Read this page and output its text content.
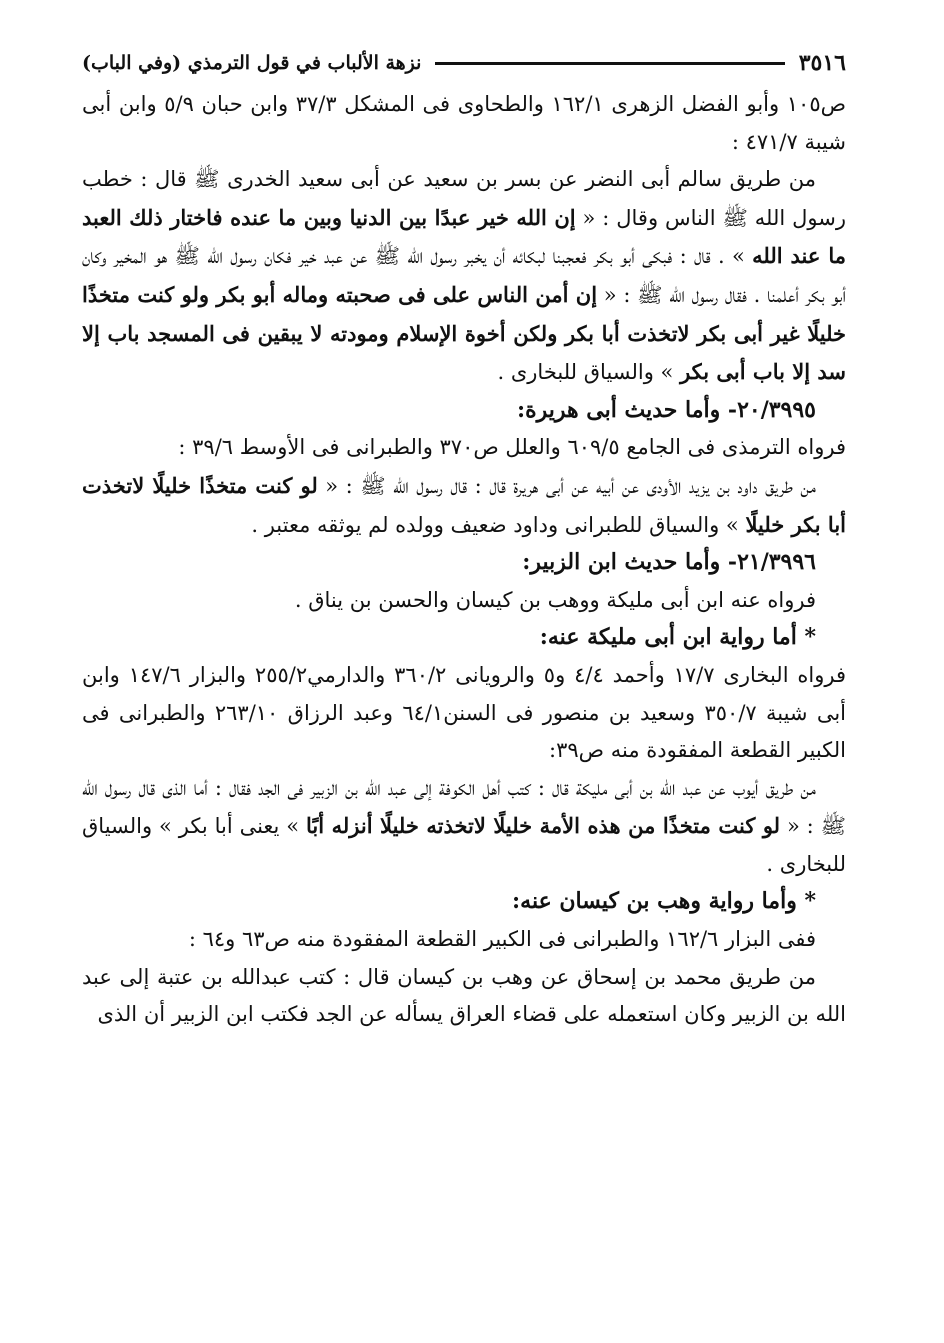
٣٥١٦
نزهة الألباب في قول الترمذي (وفي الباب)

ص١٠٥ وأبو الفضل الزهرى ١٦٢/١ والطحاوى فى المشكل ٣٧/٣ وابن حبان ٥/٩ وابن أبى شيبة ٤٧١/٧ :

من طريق سالم أبى النضر عن بسر بن سعيد عن أبى سعيد الخدرى ﷺ قال : خطب رسول الله ﷺ الناس وقال : « إن الله خير عبدًا بين الدنيا وبين ما عنده فاختار ذلك العبد ما عند الله » . قال : فبكى أبو بكر فعجبنا لبكائه أن يخبر رسول الله ﷺ عن عبد خير فكان رسول الله ﷺ هو المخير وكان أبو بكر أعلمنا . فقال رسول الله ﷺ : « إن أمن الناس على فى صحبته وماله أبو بكر ولو كنت متخذًا خليلًا غير أبى بكر لاتخذت أبا بكر ولكن أخوة الإسلام ومودته لا يبقين فى المسجد باب إلا سد إلا باب أبى بكر » والسياق للبخارى .

٢٠/٣٩٩٥- وأما حديث أبى هريرة:

فرواه الترمذى فى الجامع ٦٠٩/٥ والعلل ص٣٧٠ والطبرانى فى الأوسط ٣٩/٦ :

من طريق داود بن يزيد الأودى عن أبيه عن أبى هريرة قال : قال رسول الله ﷺ : « لو كنت متخذًا خليلًا لاتخذت أبا بكر خليلًا » والسياق للطبرانى وداود ضعيف وولده لم يوثقه معتبر .

٢١/٣٩٩٦- وأما حديث ابن الزبير:

فرواه عنه ابن أبى مليكة ووهب بن كيسان والحسن بن يناق .

* أما رواية ابن أبى مليكة عنه:

فرواه البخارى ١٧/٧ وأحمد ٤/٤ و٥ والرويانى ٣٦٠/٢ والدارمي٢٥٥/٢ والبزار ١٤٧/٦ وابن أبى شيبة ٣٥٠/٧ وسعيد بن منصور فى السنن٦٤/١ وعبد الرزاق ٢٦٣/١٠ والطبرانى فى الكبير القطعة المفقودة منه ص٣٩:

من طريق أيوب عن عبد الله بن أبى مليكة قال : كتب أهل الكوفة إلى عبد الله بن الزبير فى الجد فقال : أما الذى قال رسول الله ﷺ : « لو كنت متخذًا من هذه الأمة خليلًا لاتخذته خليلًا أنزله أبًا » يعنى أبا بكر » والسياق للبخارى .

* وأما رواية وهب بن كيسان عنه:

ففى البزار ١٦٢/٦ والطبرانى فى الكبير القطعة المفقودة منه ص٦٣ و٦٤ :

من طريق محمد بن إسحاق عن وهب بن كيسان قال : كتب عبدالله بن عتبة إلى عبد الله بن الزبير وكان استعمله على قضاء العراق يسأله عن الجد فكتب ابن الزبير أن الذى
